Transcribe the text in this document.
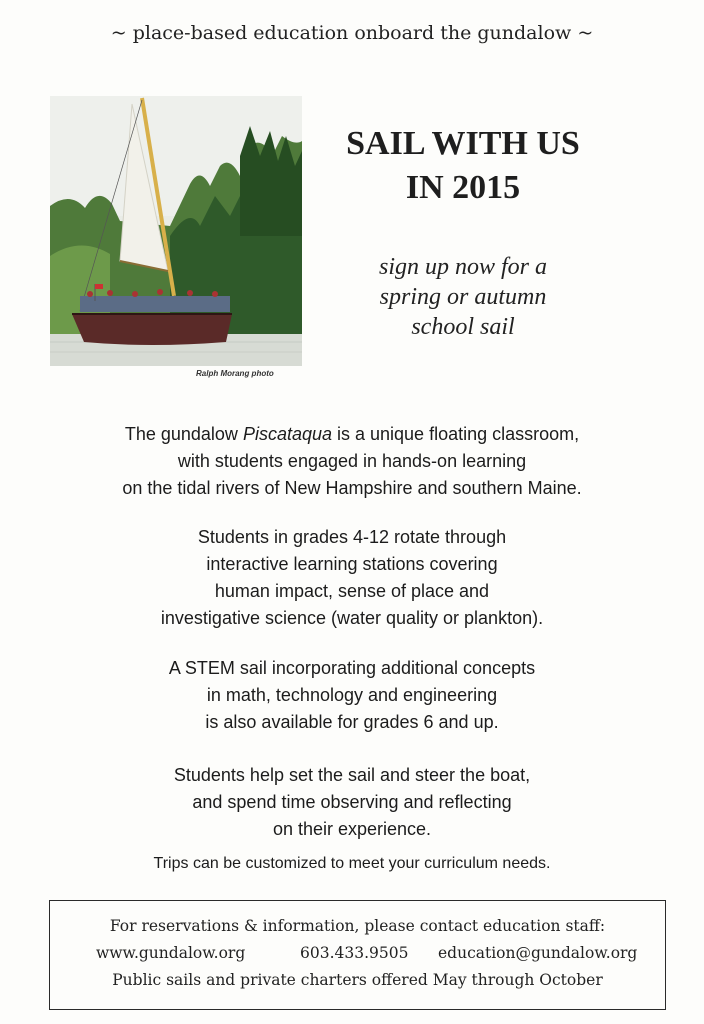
~ place-based education onboard the gundalow ~
Ralph Morang photo
SAIL WITH US
IN 2015
sign up now for a
spring or autumn
school sail
The gundalow Piscataqua is a unique floating classroom,
with students engaged in hands-on learning
on the tidal rivers of New Hampshire and southern Maine.
Students in grades 4-12 rotate through
interactive learning stations covering
human impact, sense of place and
investigative science (water quality or plankton).
A STEM sail incorporating additional concepts
in math, technology and engineering
is also available for grades 6 and up.
Students help set the sail and steer the boat,
and spend time observing and reflecting
on their experience.
Trips can be customized to meet your curriculum needs.
For reservations & information, please contact education staff:
www.gundalow.org	603.433.9505 education@gundalow.org
Public sails and private charters offered May through October
